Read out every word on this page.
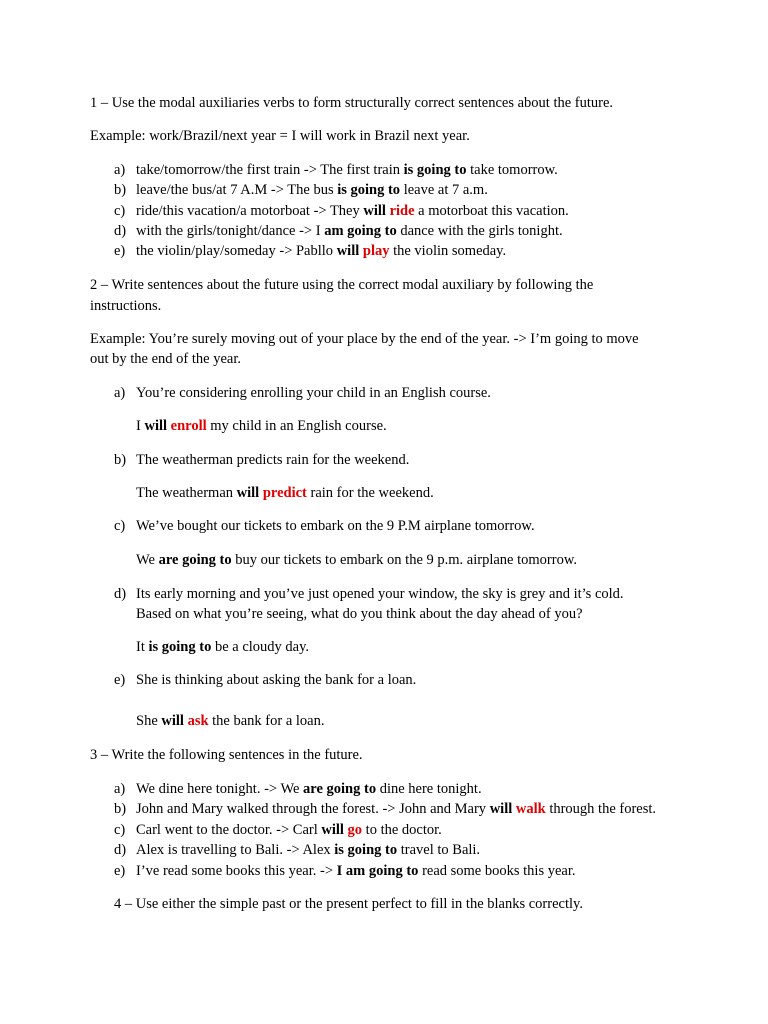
1 – Use the modal auxiliaries verbs to form structurally correct sentences about the future.
Example: work/Brazil/next year = I will work in Brazil next year.
a) take/tomorrow/the first train -> The first train is going to take tomorrow.
b) leave/the bus/at 7 A.M -> The bus is going to leave at 7 a.m.
c) ride/this vacation/a motorboat -> They will ride a motorboat this vacation.
d) with the girls/tonight/dance -> I am going to dance with the girls tonight.
e) the violin/play/someday -> Pabllo will play the violin someday.
2 – Write sentences about the future using the correct modal auxiliary by following the
instructions.
Example: You’re surely moving out of your place by the end of the year. -> I’m going to move
out by the end of the year.
a) You’re considering enrolling your child in an English course.
I will enroll my child in an English course.
b) The weatherman predicts rain for the weekend.
The weatherman will predict rain for the weekend.
c) We’ve bought our tickets to embark on the 9 P.M airplane tomorrow.
We are going to buy our tickets to embark on the 9 p.m. airplane tomorrow.
d) Its early morning and you’ve just opened your window, the sky is grey and it’s cold.
Based on what you’re seeing, what do you think about the day ahead of you?
It is going to be a cloudy day.
e) She is thinking about asking the bank for a loan.
She will ask the bank for a loan.
3 – Write the following sentences in the future.
a) We dine here tonight. -> We are going to dine here tonight.
b) John and Mary walked through the forest. -> John and Mary will walk through the forest.
c) Carl went to the doctor. -> Carl will go to the doctor.
d) Alex is travelling to Bali. -> Alex is going to travel to Bali.
e) I’ve read some books this year. -> I am going to read some books this year.
4 – Use either the simple past or the present perfect to fill in the blanks correctly.
